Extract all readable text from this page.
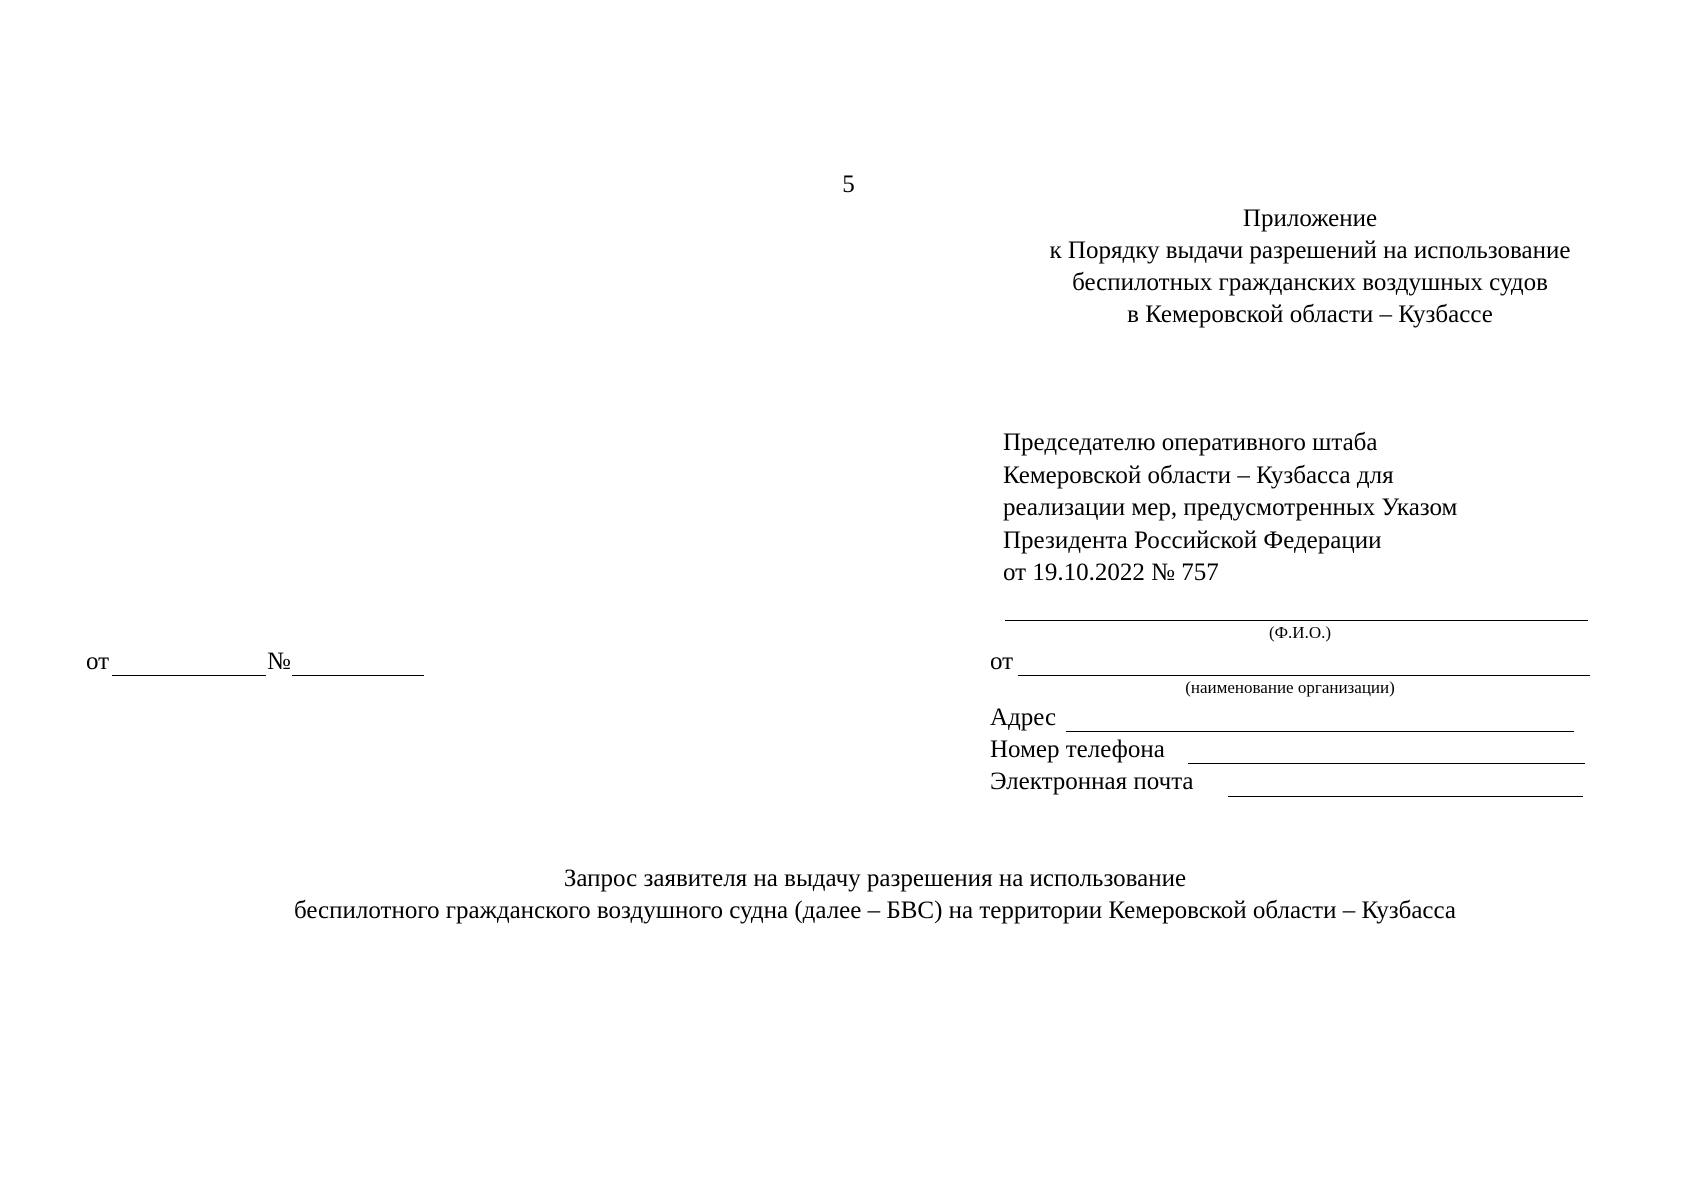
5
Приложение
к Порядку выдачи разрешений на использование
беспилотных гражданских воздушных судов
в Кемеровской области – Кузбассе
Председателю оперативного штаба
Кемеровской области – Кузбасса для
реализации мер, предусмотренных Указом
Президента Российской Федерации
от 19.10.2022 № 757
(Ф.И.О.)
от
(наименование организации)
Адрес
Номер телефона
Электронная почта
от	№
Запрос заявителя на выдачу разрешения на использование
беспилотного гражданского воздушного судна (далее – БВС) на территории Кемеровской области – Кузбасса
